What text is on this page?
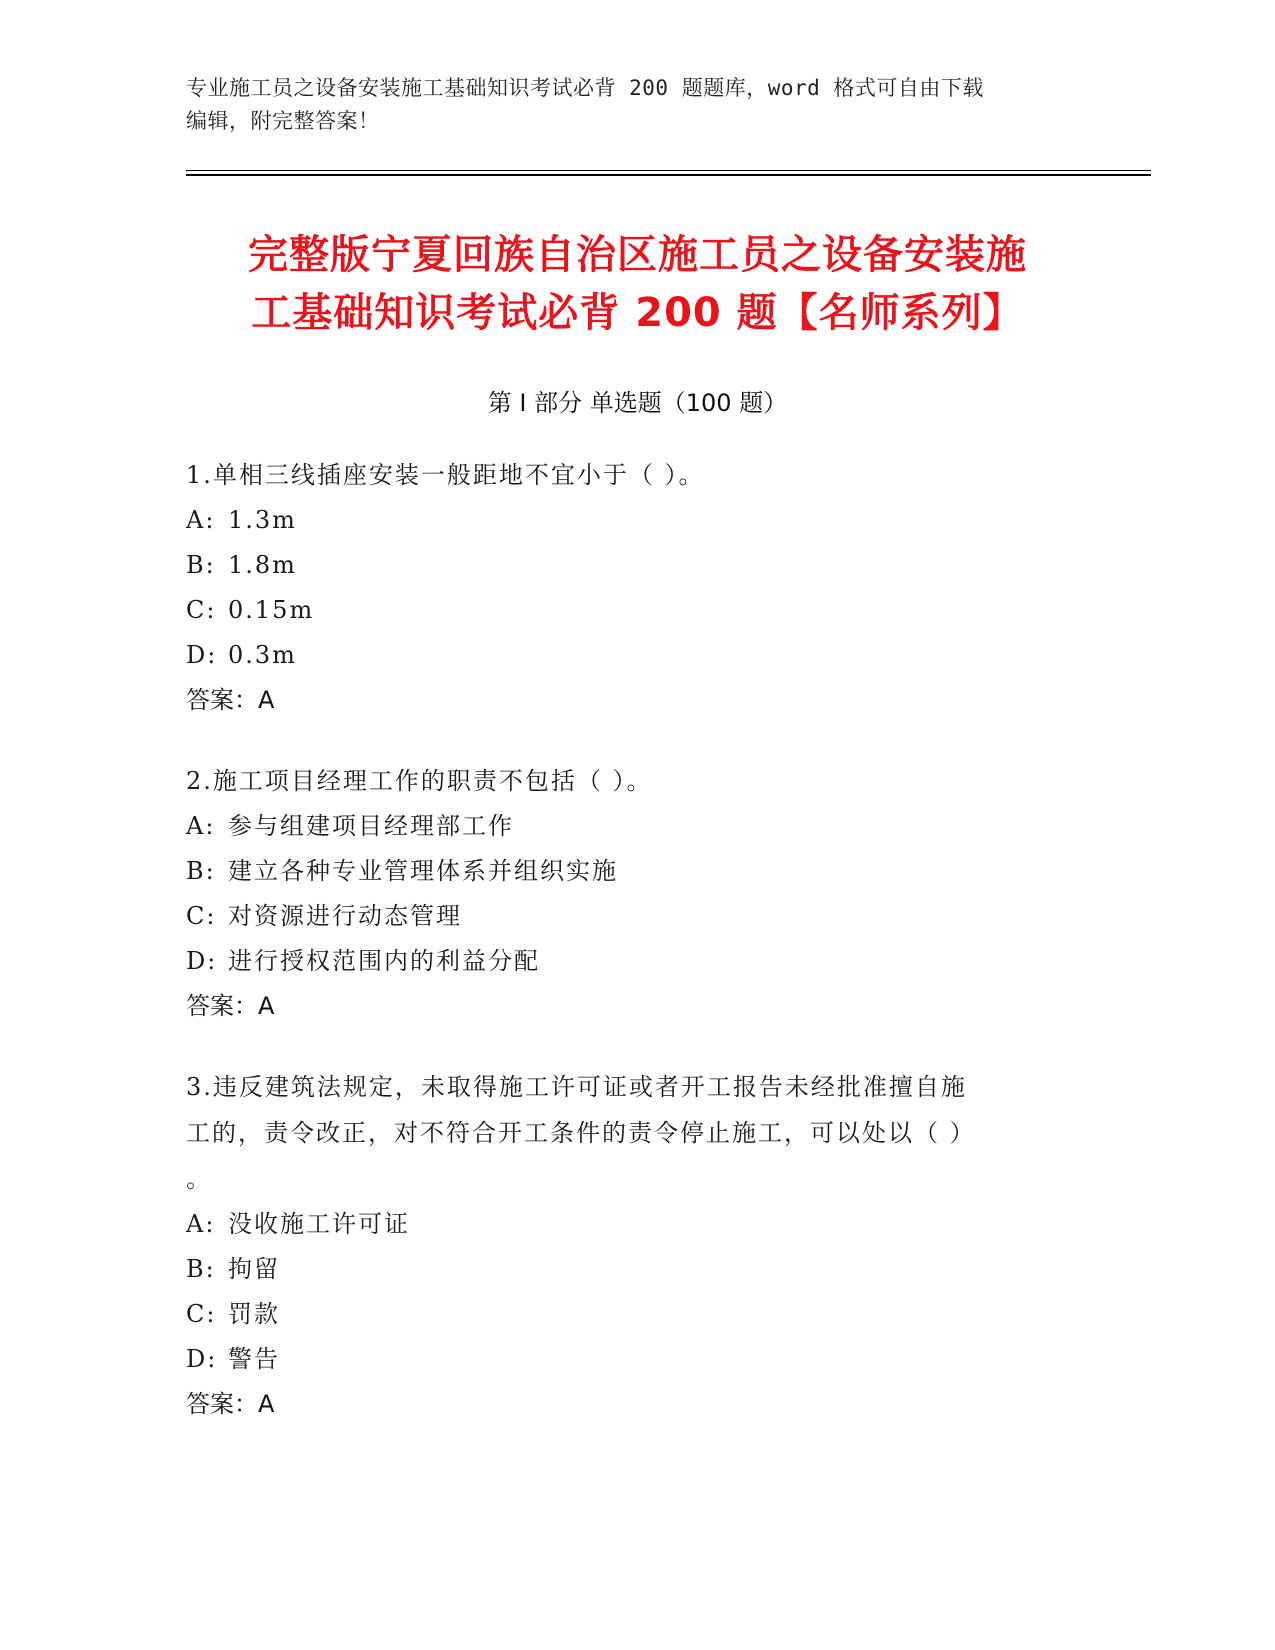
专业施工员之设备安装施工基础知识考试必背 200 题题库，word 格式可自由下载
编辑，附完整答案！
完整版宁夏回族自治区施工员之设备安装施
工基础知识考试必背 200 题【名师系列】
第 I 部分 单选题（100 题）
1.单相三线插座安装一般距地不宜小于（ ）。
A: 1.3m
B: 1.8m
C: 0.15m
D: 0.3m
答案：A
2.施工项目经理工作的职责不包括（ ）。
A: 参与组建项目经理部工作
B: 建立各种专业管理体系并组织实施
C: 对资源进行动态管理
D: 进行授权范围内的利益分配
答案：A
3.违反建筑法规定，未取得施工许可证或者开工报告未经批准擅自施
工的，责令改正，对不符合开工条件的责令停止施工，可以处以（ ）
。
A: 没收施工许可证
B: 拘留
C: 罚款
D: 警告
答案：A
